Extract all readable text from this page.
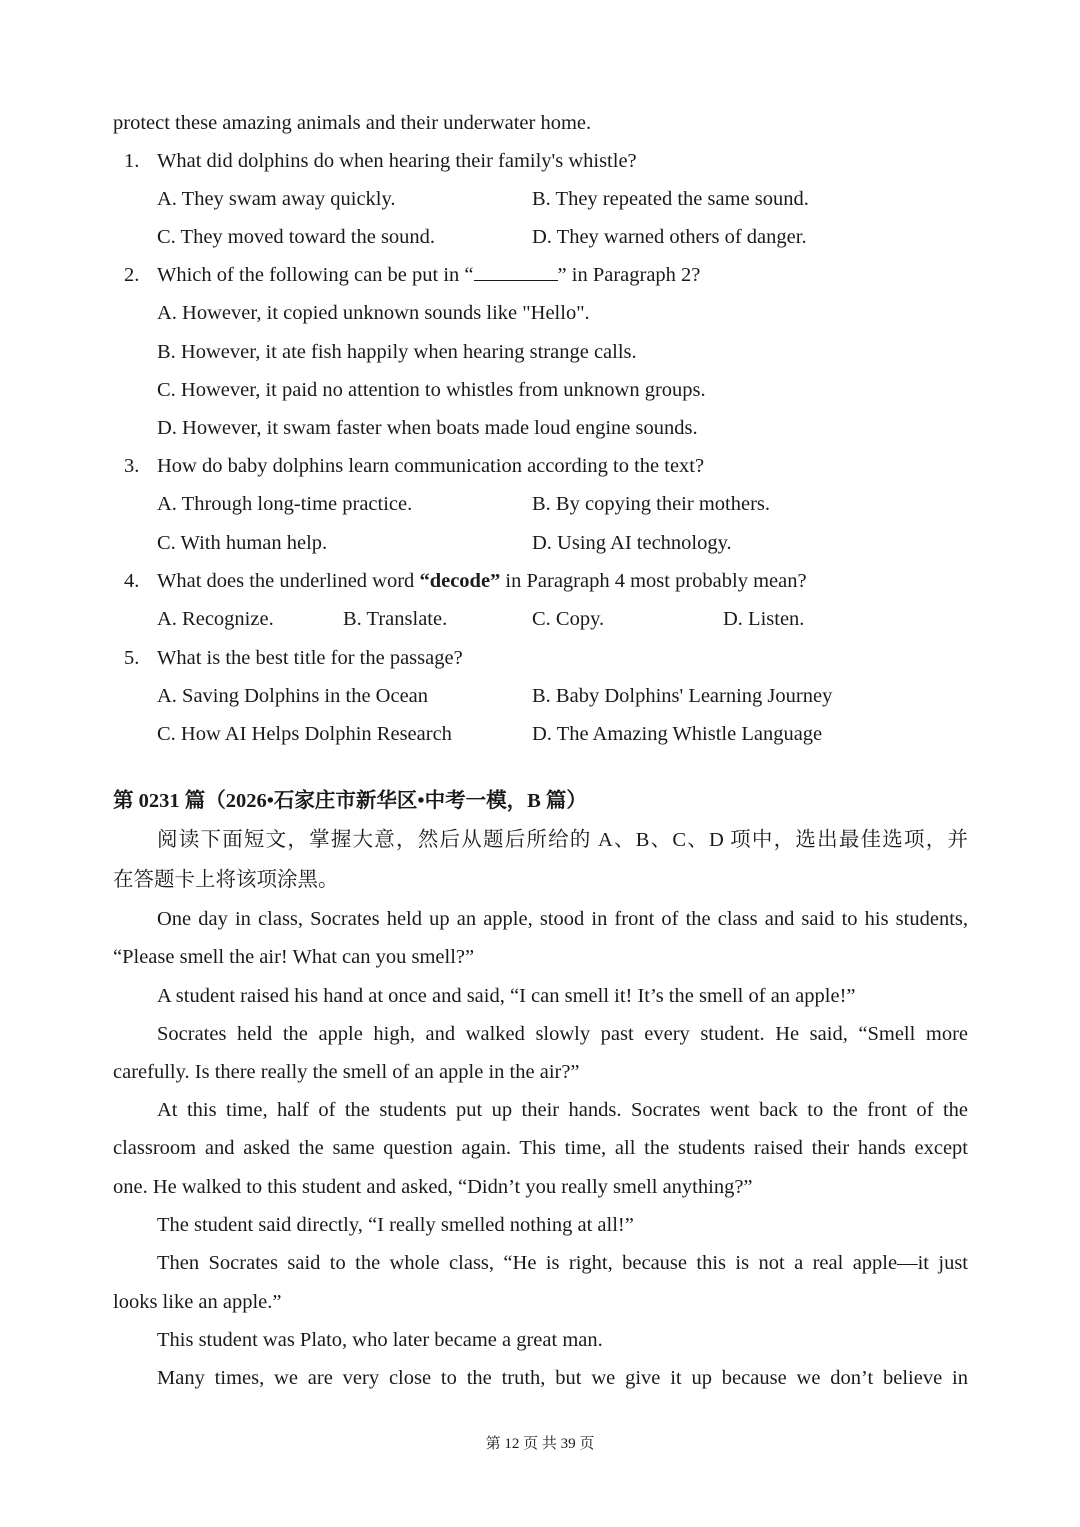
protect these amazing animals and their underwater home.
1. What did dolphins do when hearing their family's whistle?
A. They swam away quickly.	B. They repeated the same sound.
C. They moved toward the sound.	D. They warned others of danger.
2. Which of the following can be put in “	” in Paragraph 2?
A. However, it copied unknown sounds like "Hello".
B. However, it ate fish happily when hearing strange calls.
C. However, it paid no attention to whistles from unknown groups.
D. However, it swam faster when boats made loud engine sounds.
3. How do baby dolphins learn communication according to the text?
A. Through long-time practice.	B. By copying their mothers.
C. With human help.	D. Using AI technology.
4. What does the underlined word “decode” in Paragraph 4 most probably mean?
A. Recognize.	B. Translate.	C. Copy.	D. Listen.
5. What is the best title for the passage?
A. Saving Dolphins in the Ocean	B. Baby Dolphins' Learning Journey
C. How AI Helps Dolphin Research	D. The Amazing Whistle Language
第 0231 篇（2026•石家庄市新华区•中考一模，B 篇）
阅读下面短文，掌握大意，然后从题后所给的 A、B、C、D 项中，选出最佳选项，并
在答题卡上将该项涂黑。
One day in class, Socrates held up an apple, stood in front of the class and said to his students,
“Please smell the air! What can you smell?”
A student raised his hand at once and said, “I can smell it! It’s the smell of an apple!”
Socrates held the apple high, and walked slowly past every student. He said, “Smell more
carefully. Is there really the smell of an apple in the air?”
At this time, half of the students put up their hands. Socrates went back to the front of the
classroom and asked the same question again. This time, all the students raised their hands except
one. He walked to this student and asked, “Didn’t you really smell anything?”
The student said directly, “I really smelled nothing at all!”
Then Socrates said to the whole class, “He is right, because this is not a real apple—it just
looks like an apple.”
This student was Plato, who later became a great man.
Many times, we are very close to the truth, but we give it up because we don’t believe in
第 12 页 共 39 页
